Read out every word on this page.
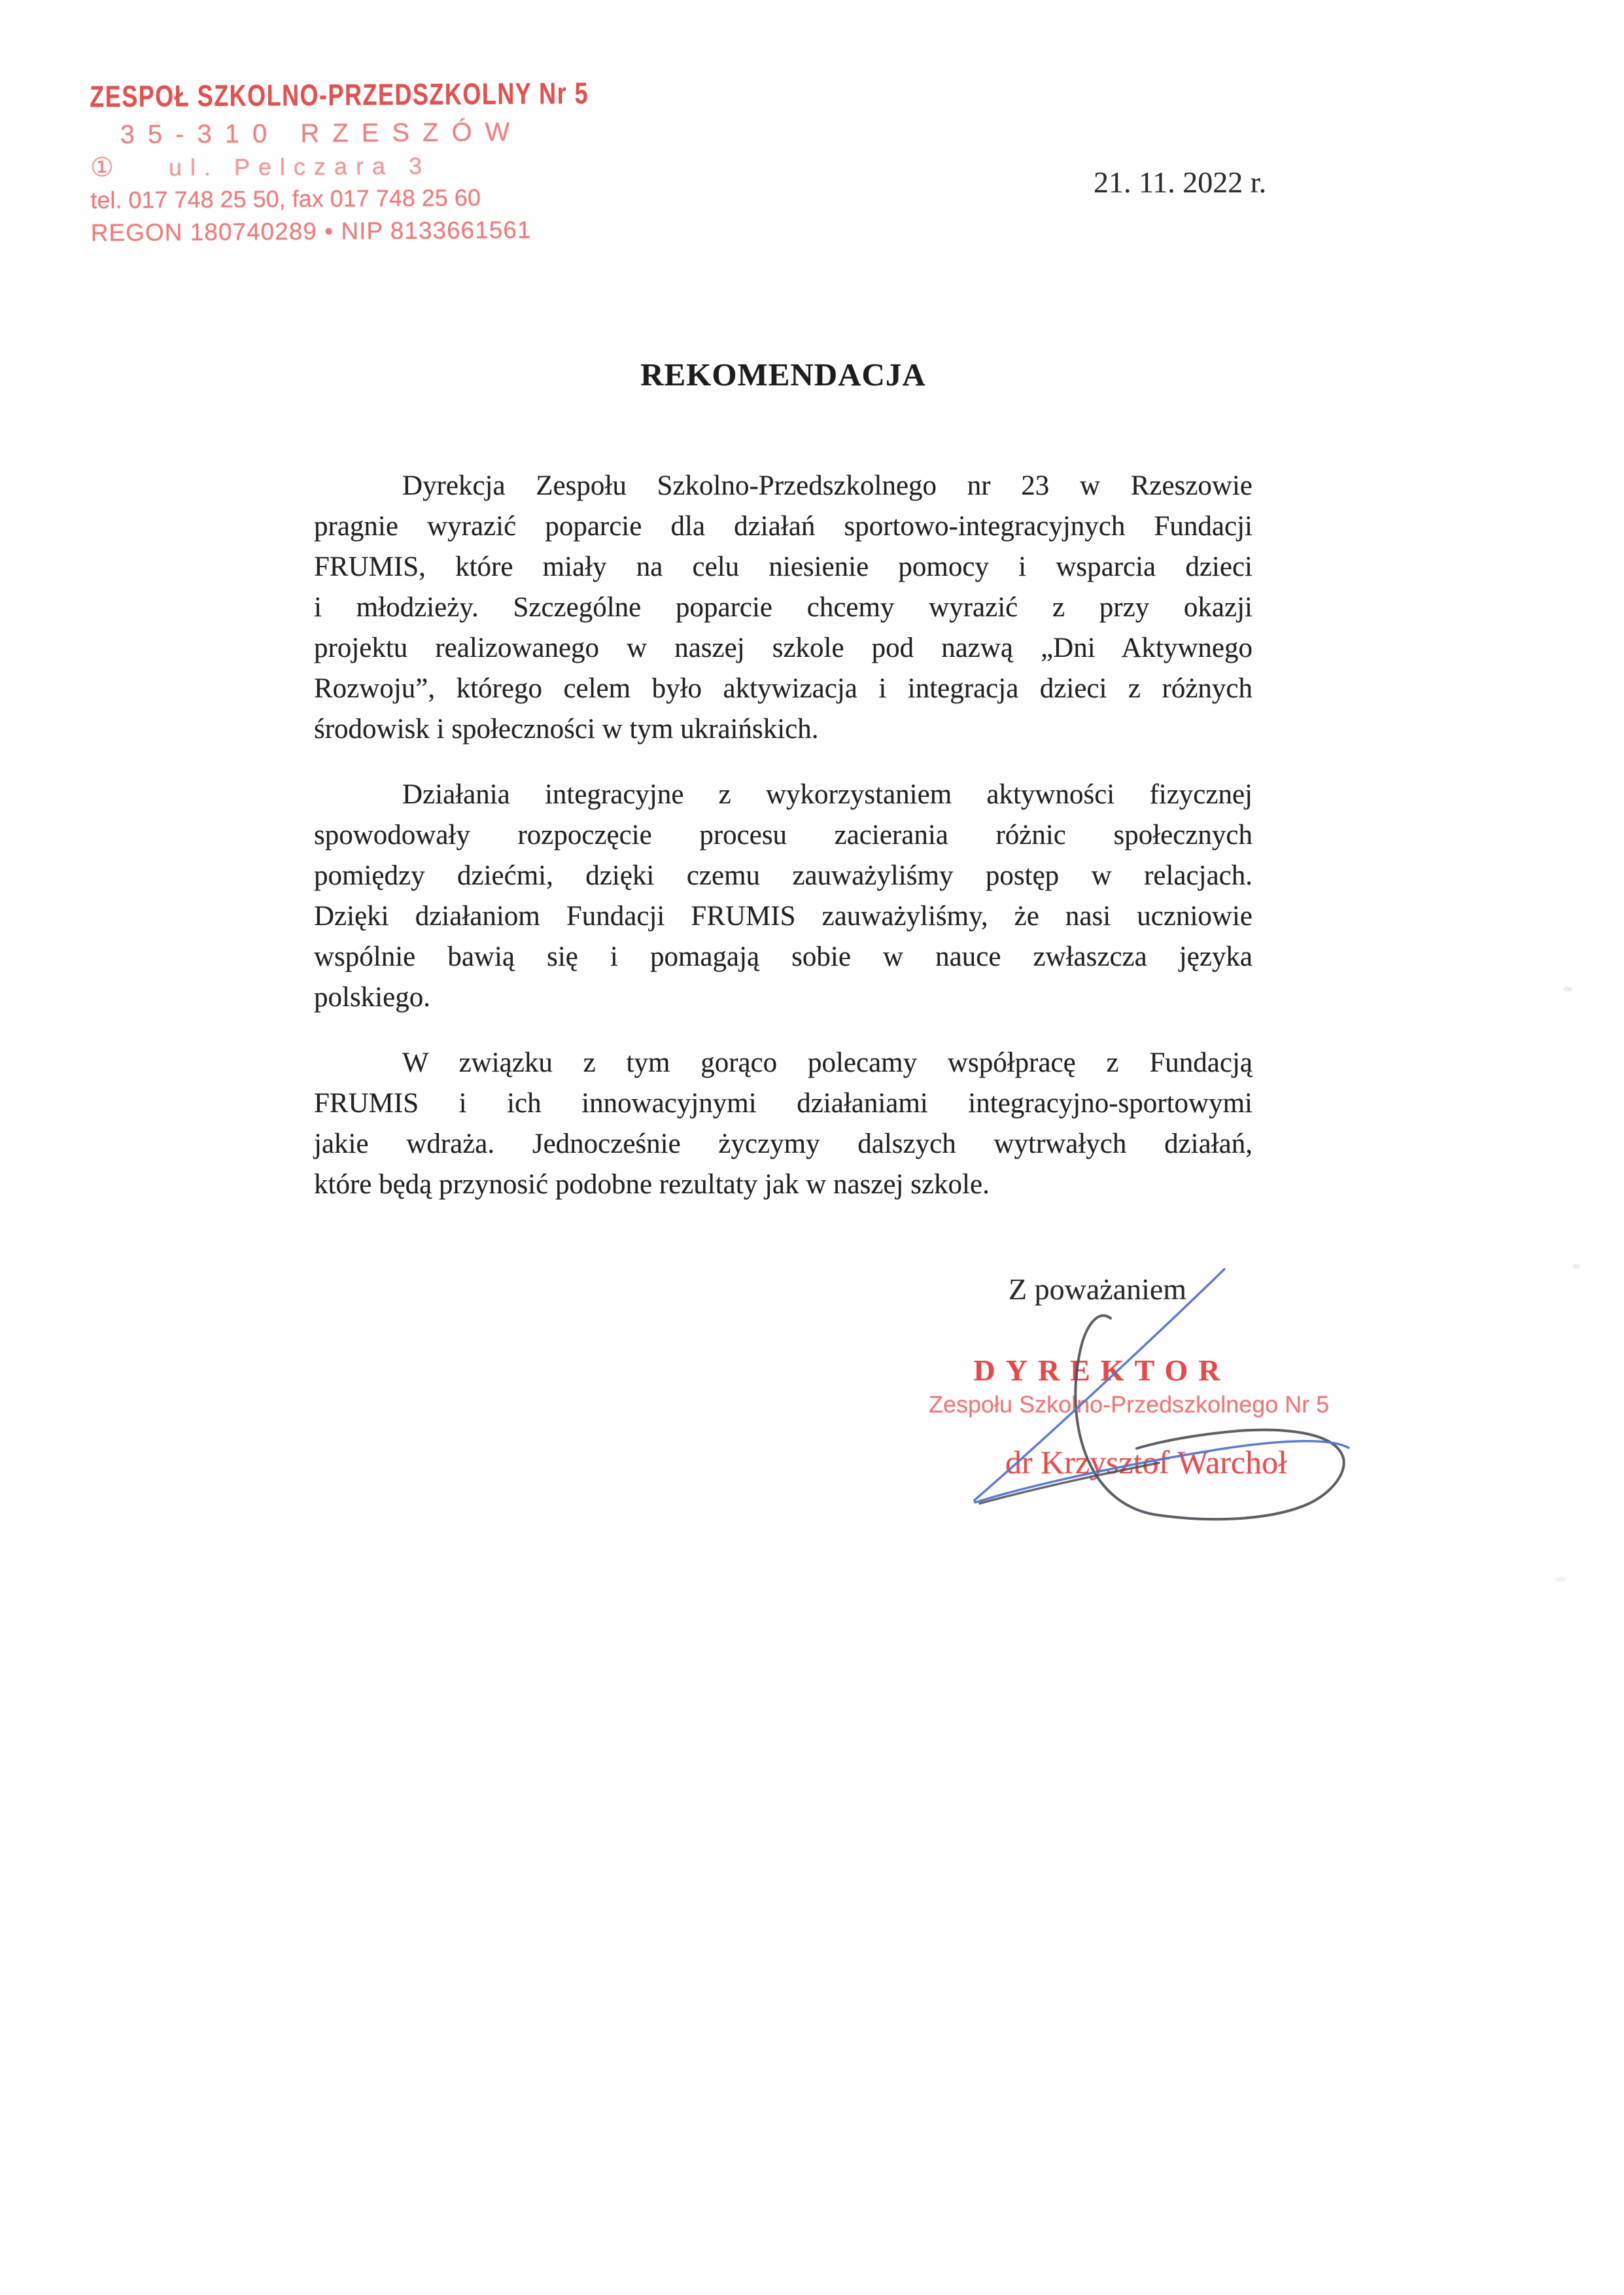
ZESPOŁ SZKOLNO-PRZEDSZKOLNY Nr 5
35-310 RZESZÓW
① ul. Pelczara 3
tel. 017 748 25 50, fax 017 748 25 60
REGON 180740289 • NIP 8133661561
21. 11. 2022 r.
REKOMENDACJA
Dyrekcja Zespołu Szkolno-Przedszkolnego nr 23 w Rzeszowie
pragnie wyrazić poparcie dla działań sportowo-integracyjnych Fundacji
FRUMIS, które miały na celu niesienie pomocy i wsparcia dzieci
i młodzieży. Szczególne poparcie chcemy wyrazić z przy okazji
projektu realizowanego w naszej szkole pod nazwą „Dni Aktywnego
Rozwoju”, którego celem było aktywizacja i integracja dzieci z różnych
środowisk i społeczności w tym ukraińskich.
Działania integracyjne z wykorzystaniem aktywności fizycznej
spowodowały rozpoczęcie procesu zacierania różnic społecznych
pomiędzy dziećmi, dzięki czemu zauważyliśmy postęp w relacjach.
Dzięki działaniom Fundacji FRUMIS zauważyliśmy, że nasi uczniowie
wspólnie bawią się i pomagają sobie w nauce zwłaszcza języka
polskiego.
W związku z tym gorąco polecamy współpracę z Fundacją
FRUMIS i ich innowacyjnymi działaniami integracyjno-sportowymi
jakie wdraża. Jednocześnie życzymy dalszych wytrwałych działań,
które będą przynosić podobne rezultaty jak w naszej szkole.
Z poważaniem
DYREKTOR
Zespołu Szkolno-Przedszkolnego Nr 5
dr Krzysztof Warchoł
